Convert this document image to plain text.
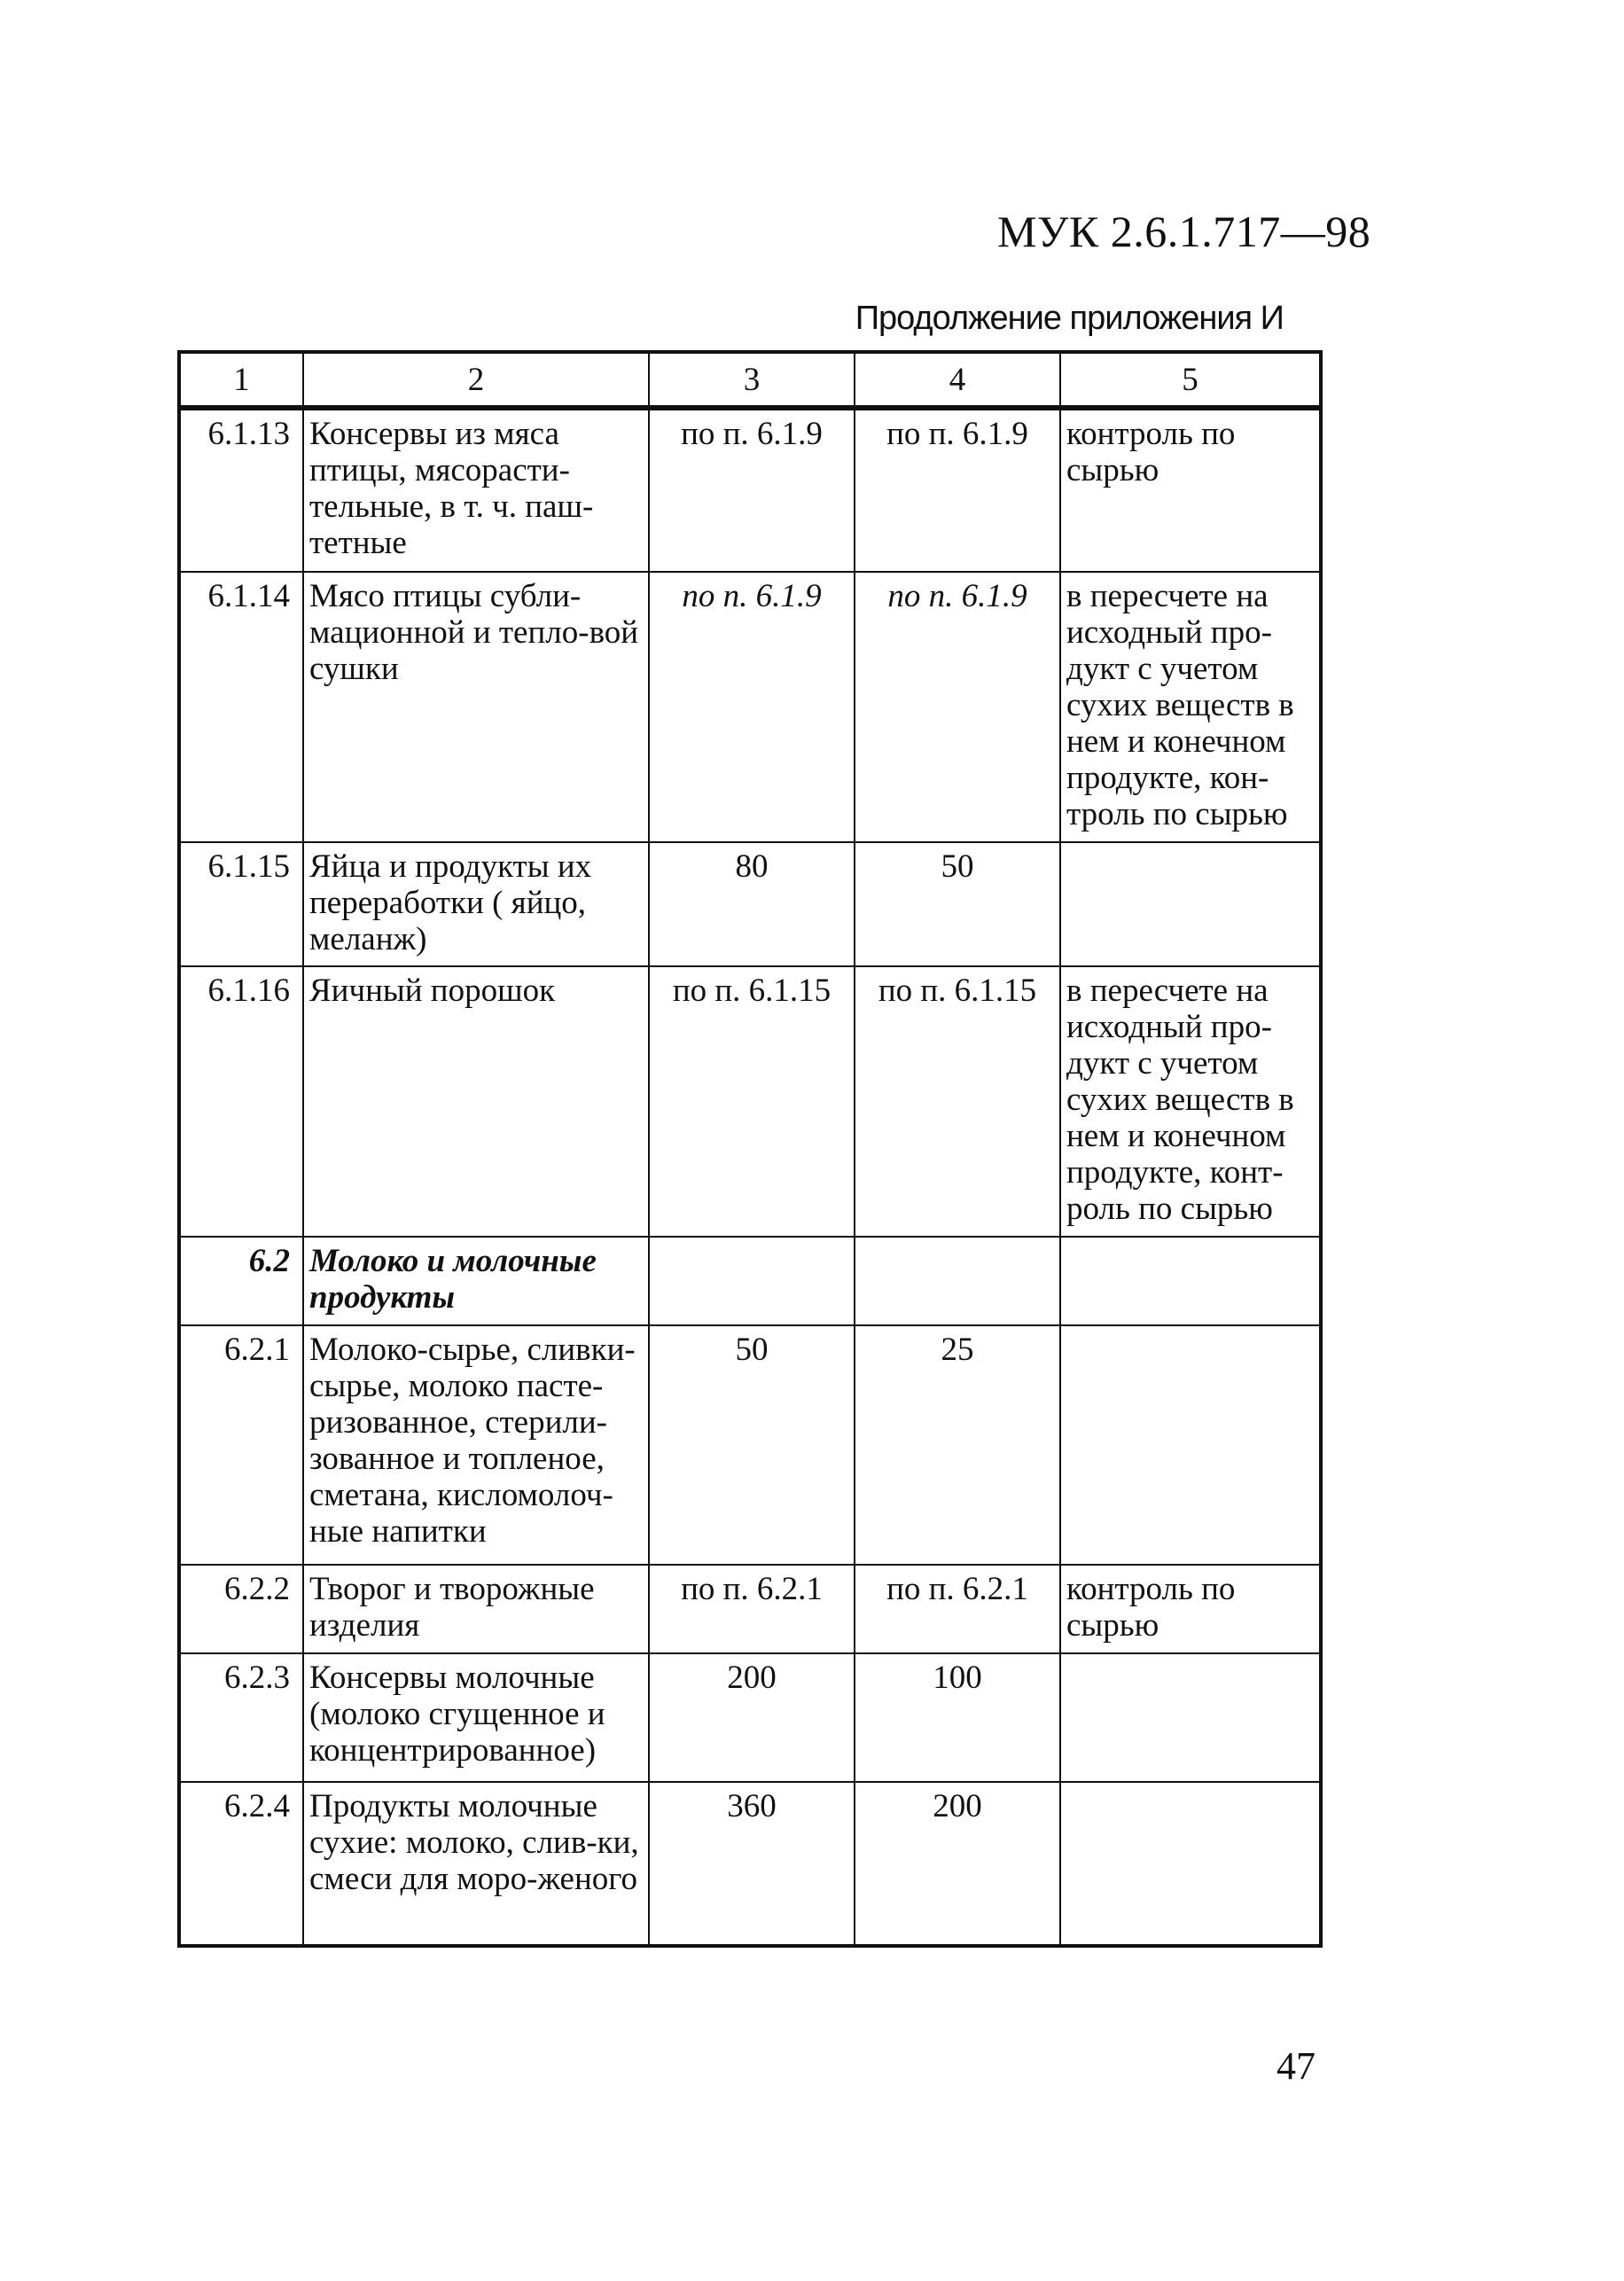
МУК 2.6.1.717—98
Продолжение приложения И
1	2	3	4	5
6.1.13	Консервы из мяса птицы, мясорасти-тельные, в т. ч. паш-тетные	по п. 6.1.9	по п. 6.1.9	контроль по сырью
6.1.14	Мясо птицы субли-мационной и тепло-вой сушки	по п. 6.1.9	по п. 6.1.9	в пересчете на исходный про-дукт с учетом сухих веществ в нем и конечном продукте, кон-троль по сырью
6.1.15	Яйца и продукты их переработки ( яйцо, меланж)	80	50	
6.1.16	Яичный порошок	по п. 6.1.15	по п. 6.1.15	в пересчете на исходный про-дукт с учетом сухих веществ в нем и конечном продукте, конт-роль по сырью
6.2	Молоко и молочные продукты			
6.2.1	Молоко-сырье, сливки-сырье, молоко пасте-ризованное, стерили-зованное и топленое, сметана, кисломолоч-ные напитки	50	25	
6.2.2	Творог и творожные изделия	по п. 6.2.1	по п. 6.2.1	контроль по сырью
6.2.3	Консервы молочные (молоко сгущенное и концентрированное)	200	100	
6.2.4	Продукты молочные сухие: молоко, слив-ки, смеси для моро-женого	360	200	
47
